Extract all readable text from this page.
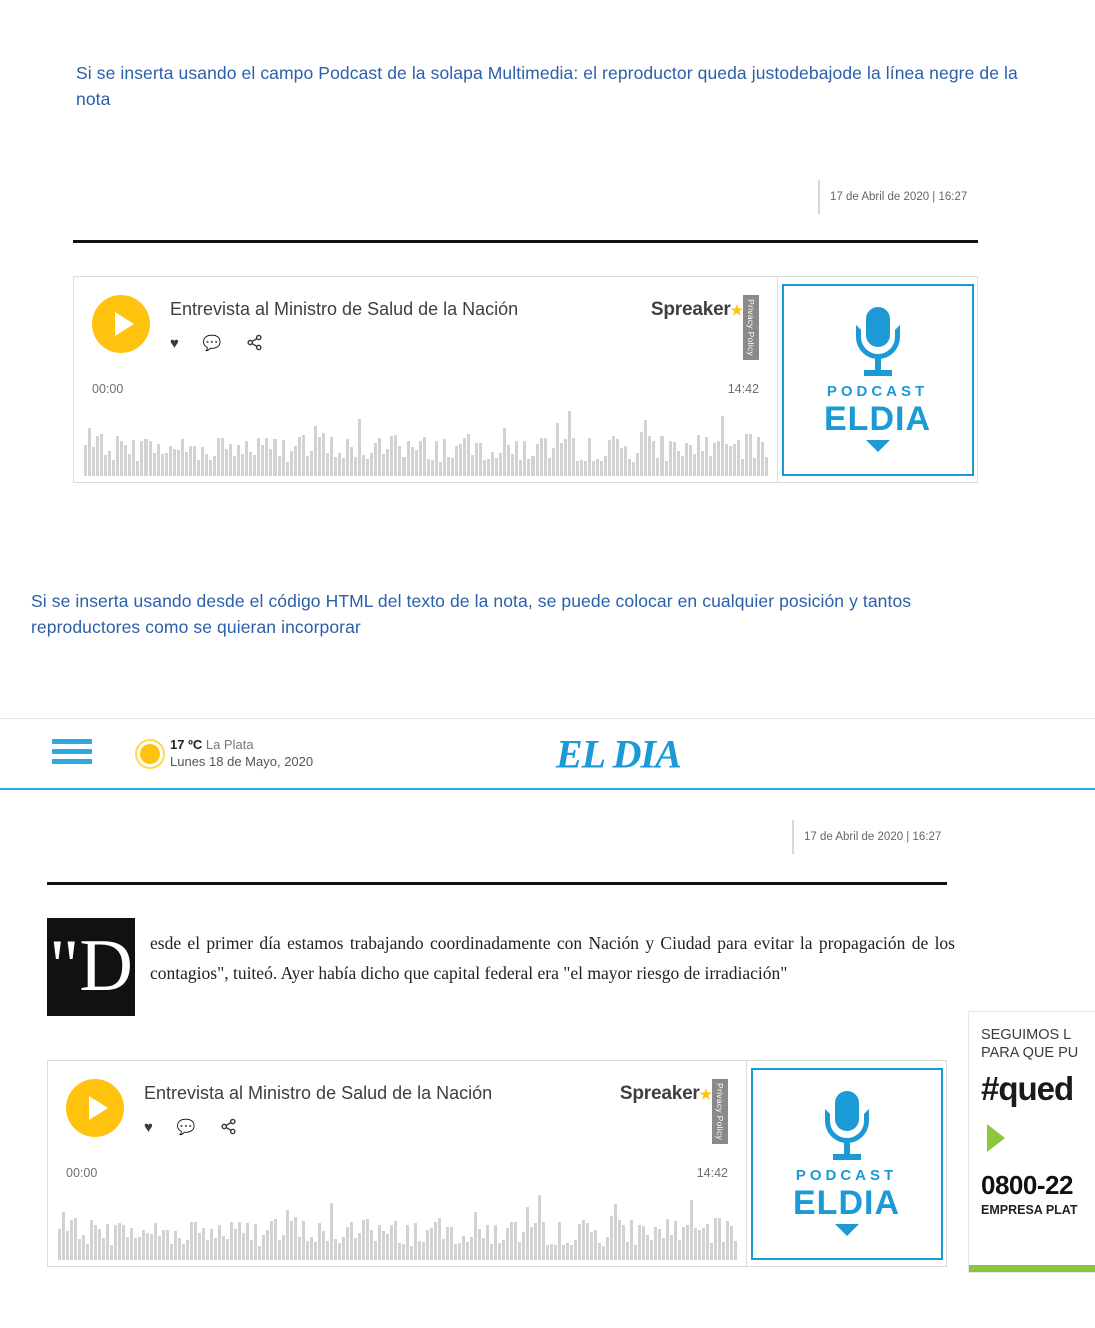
Si se inserta usando el campo Podcast de la solapa Multimedia: el reproductor queda justodebajode la línea negre de la nota
17 de Abril de 2020 | 16:27
Entrevista al Ministro de Salud de la Nación
♥ 💬
Spreaker★ Privacy Policy
00:00	14:42	PODCAST
ELDIA
Si se inserta usando desde el código HTML del texto de la nota, se puede colocar en cualquier posición y tantos reproductores como se quieran incorporar
17 ºC La Plata
Lunes 18 de Mayo, 2020	EL DIA
17 de Abril de 2020 | 16:27
"D esde el primer día estamos trabajando coordinadamente con Nación y Ciudad para evitar la propagación de los contagios", tuiteó. Ayer había dicho que capital federal era "el mayor riesgo de irradiación"
Entrevista al Ministro de Salud de la Nación
♥ 💬
Spreaker★ Privacy Policy
00:00	14:42	PODCAST
ELDIA
SEGUIMOS L
PARA QUE PU
#qued
0800-22
EMPRESA PLAT
